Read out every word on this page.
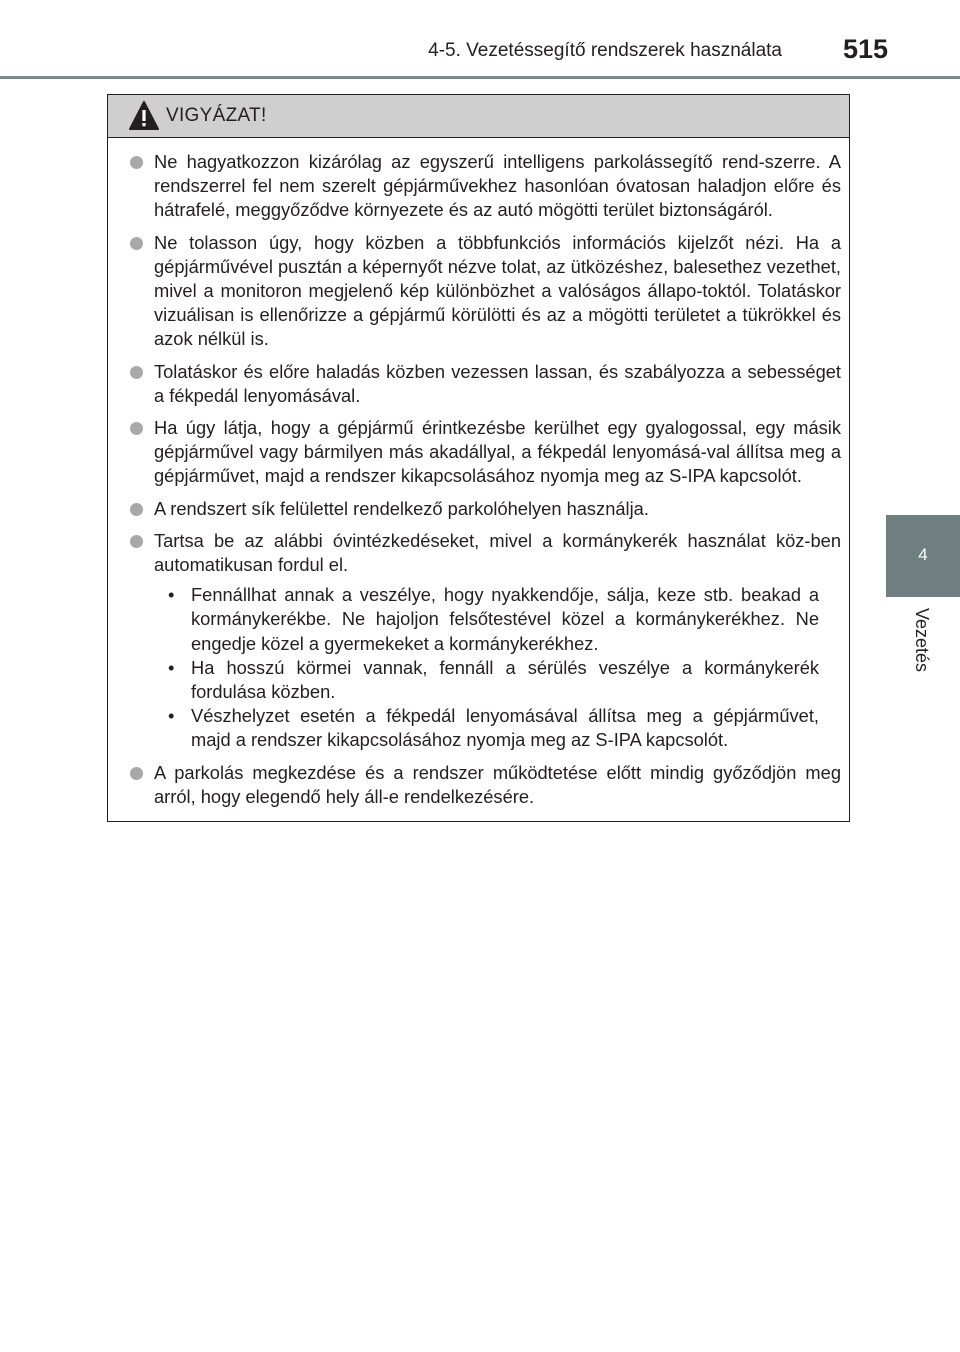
4-5. Vezetéssegítő rendszerek használata	515
4
Vezetés
VIGYÁZAT!
Ne hagyatkozzon kizárólag az egyszerű intelligens parkolássegítő rend-szerre. A rendszerrel fel nem szerelt gépjárművekhez hasonlóan óvatosan haladjon előre és hátrafelé, meggyőződve környezete és az autó mögötti terület biztonságáról.
Ne tolasson úgy, hogy közben a többfunkciós információs kijelzőt nézi. Ha a gépjárművével pusztán a képernyőt nézve tolat, az ütközéshez, balesethez vezethet, mivel a monitoron megjelenő kép különbözhet a valóságos állapo-toktól. Tolatáskor vizuálisan is ellenőrizze a gépjármű körülötti és az a mögötti területet a tükrökkel és azok nélkül is.
Tolatáskor és előre haladás közben vezessen lassan, és szabályozza a sebességet a fékpedál lenyomásával.
Ha úgy látja, hogy a gépjármű érintkezésbe kerülhet egy gyalogossal, egy másik gépjárművel vagy bármilyen más akadállyal, a fékpedál lenyomásá-val állítsa meg a gépjárművet, majd a rendszer kikapcsolásához nyomja meg az S-IPA kapcsolót.
A rendszert sík felülettel rendelkező parkolóhelyen használja.
Tartsa be az alábbi óvintézkedéseket, mivel a kormánykerék használat köz-ben automatikusan fordul el.
• Fennállhat annak a veszélye, hogy nyakkendője, sálja, keze stb. beakad a kormánykerékbe. Ne hajoljon felsőtestével közel a kormánykerékhez. Ne engedje közel a gyermekeket a kormánykerékhez.
• Ha hosszú körmei vannak, fennáll a sérülés veszélye a kormánykerék fordulása közben.
• Vészhelyzet esetén a fékpedál lenyomásával állítsa meg a gépjárművet, majd a rendszer kikapcsolásához nyomja meg az S-IPA kapcsolót.
A parkolás megkezdése és a rendszer működtetése előtt mindig győződjön meg arról, hogy elegendő hely áll-e rendelkezésére.
